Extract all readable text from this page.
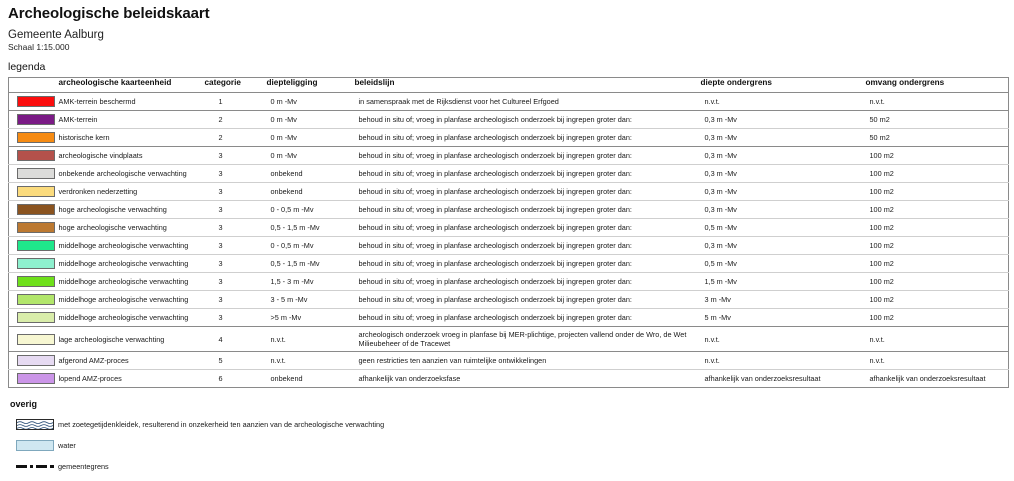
Archeologische beleidskaart
Gemeente Aalburg
Schaal 1:15.000
legenda
	archeologische kaarteenheid	categorie	diepteligging	beleidslijn	diepte ondergrens	omvang ondergrens

	AMK-terrein beschermd	1	0 m -Mv	in samenspraak met de Rijksdienst voor het Cultureel Erfgoed	n.v.t.	n.v.t.

	AMK-terrein	2	0 m -Mv	behoud in situ of; vroeg in planfase archeologisch onderzoek bij ingrepen groter dan:	0,3 m -Mv	50 m2

	historische kern	2	0 m -Mv	behoud in situ of; vroeg in planfase archeologisch onderzoek bij ingrepen groter dan:	0,3 m -Mv	50 m2

	archeologische vindplaats	3	0 m -Mv	behoud in situ of; vroeg in planfase archeologisch onderzoek bij ingrepen groter dan:	0,3 m -Mv	100 m2

	onbekende archeologische verwachting	3	onbekend	behoud in situ of; vroeg in planfase archeologisch onderzoek bij ingrepen groter dan:	0,3 m -Mv	100 m2

	verdronken nederzetting	3	onbekend	behoud in situ of; vroeg in planfase archeologisch onderzoek bij ingrepen groter dan:	0,3 m -Mv	100 m2

	hoge archeologische verwachting	3	0 - 0,5 m -Mv	behoud in situ of; vroeg in planfase archeologisch onderzoek bij ingrepen groter dan:	0,3 m -Mv	100 m2

	hoge archeologische verwachting	3	0,5 - 1,5 m -Mv	behoud in situ of; vroeg in planfase archeologisch onderzoek bij ingrepen groter dan:	0,5 m -Mv	100 m2

	middelhoge archeologische verwachting	3	0 - 0,5 m -Mv	behoud in situ of; vroeg in planfase archeologisch onderzoek bij ingrepen groter dan:	0,3 m -Mv	100 m2

	middelhoge archeologische verwachting	3	0,5 - 1,5 m -Mv	behoud in situ of; vroeg in planfase archeologisch onderzoek bij ingrepen groter dan:	0,5 m -Mv	100 m2

	middelhoge archeologische verwachting	3	1,5 - 3 m -Mv	behoud in situ of; vroeg in planfase archeologisch onderzoek bij ingrepen groter dan:	1,5 m -Mv	100 m2

	middelhoge archeologische verwachting	3	3 - 5 m -Mv	behoud in situ of; vroeg in planfase archeologisch onderzoek bij ingrepen groter dan:	3 m -Mv	100 m2

	middelhoge archeologische verwachting	3	>5 m -Mv	behoud in situ of; vroeg in planfase archeologisch onderzoek bij ingrepen groter dan:	5 m -Mv	100 m2

	lage archeologische verwachting	4	n.v.t.	archeologisch onderzoek vroeg in planfase bij MER-plichtige, projecten vallend onder de Wro, de Wet Milieubeheer of de Tracewet	n.v.t.	n.v.t.

	afgerond AMZ-proces	5	n.v.t.	geen restricties ten aanzien van ruimtelijke ontwikkelingen	n.v.t.	n.v.t.

	lopend AMZ-proces	6	onbekend	afhankelijk van onderzoeksfase	afhankelijk van onderzoeksresultaat	afhankelijk van onderzoeksresultaat
overig
met zoetegetijdenkleidek, resulterend in onzekerheid ten aanzien van de archeologische verwachting
water
gemeentegrens
